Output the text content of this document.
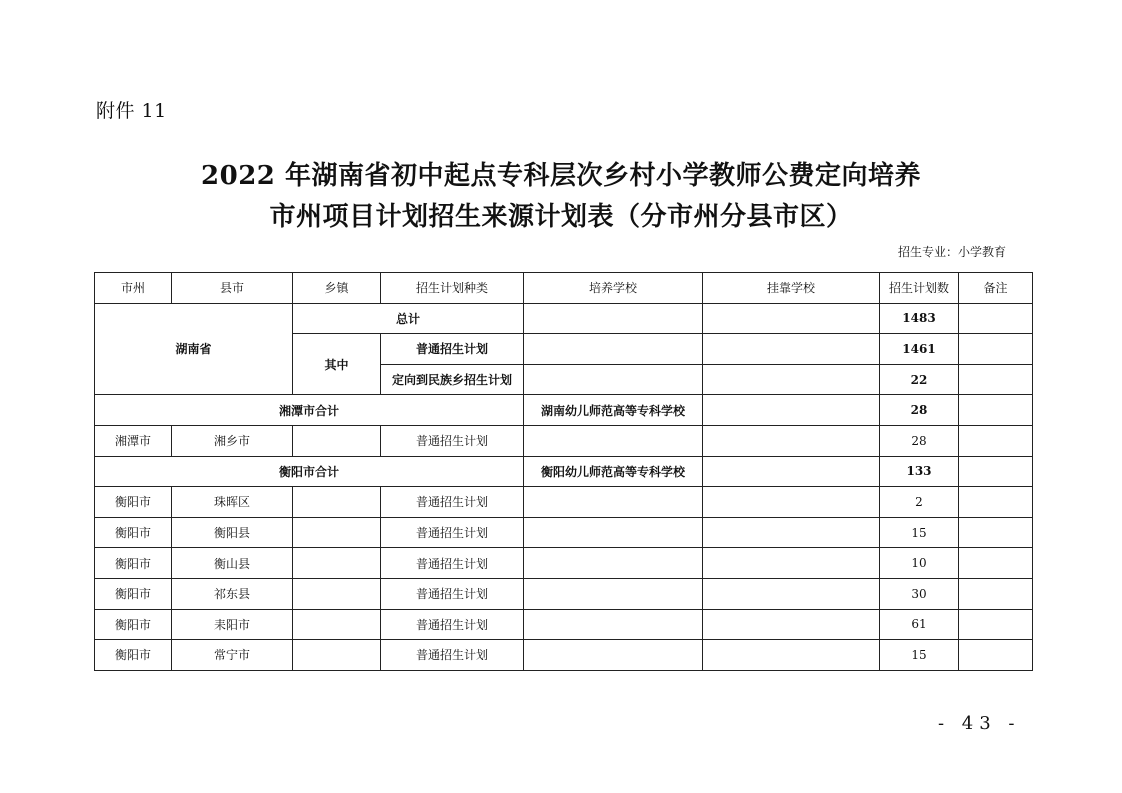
附件 11
2022 年湖南省初中起点专科层次乡村小学教师公费定向培养
市州项目计划招生来源计划表（分市州分县市区）
招生专业：小学教育
市州	县市	乡镇	招生计划种类	培养学校	挂靠学校	招生计划数	备注
湖南省		总计				1483	
		其中	普通招生计划			1461	
			定向到民族乡招生计划			22	
湘潭市合计				湖南幼儿师范高等专科学校		28	
湘潭市	湘乡市		普通招生计划			28	
衡阳市合计				衡阳幼儿师范高等专科学校		133	
衡阳市	珠晖区		普通招生计划			2	
衡阳市	衡阳县		普通招生计划			15	
衡阳市	衡山县		普通招生计划			10	
衡阳市	祁东县		普通招生计划			30	
衡阳市	耒阳市		普通招生计划			61	
衡阳市	常宁市		普通招生计划			15	
- 43 -
